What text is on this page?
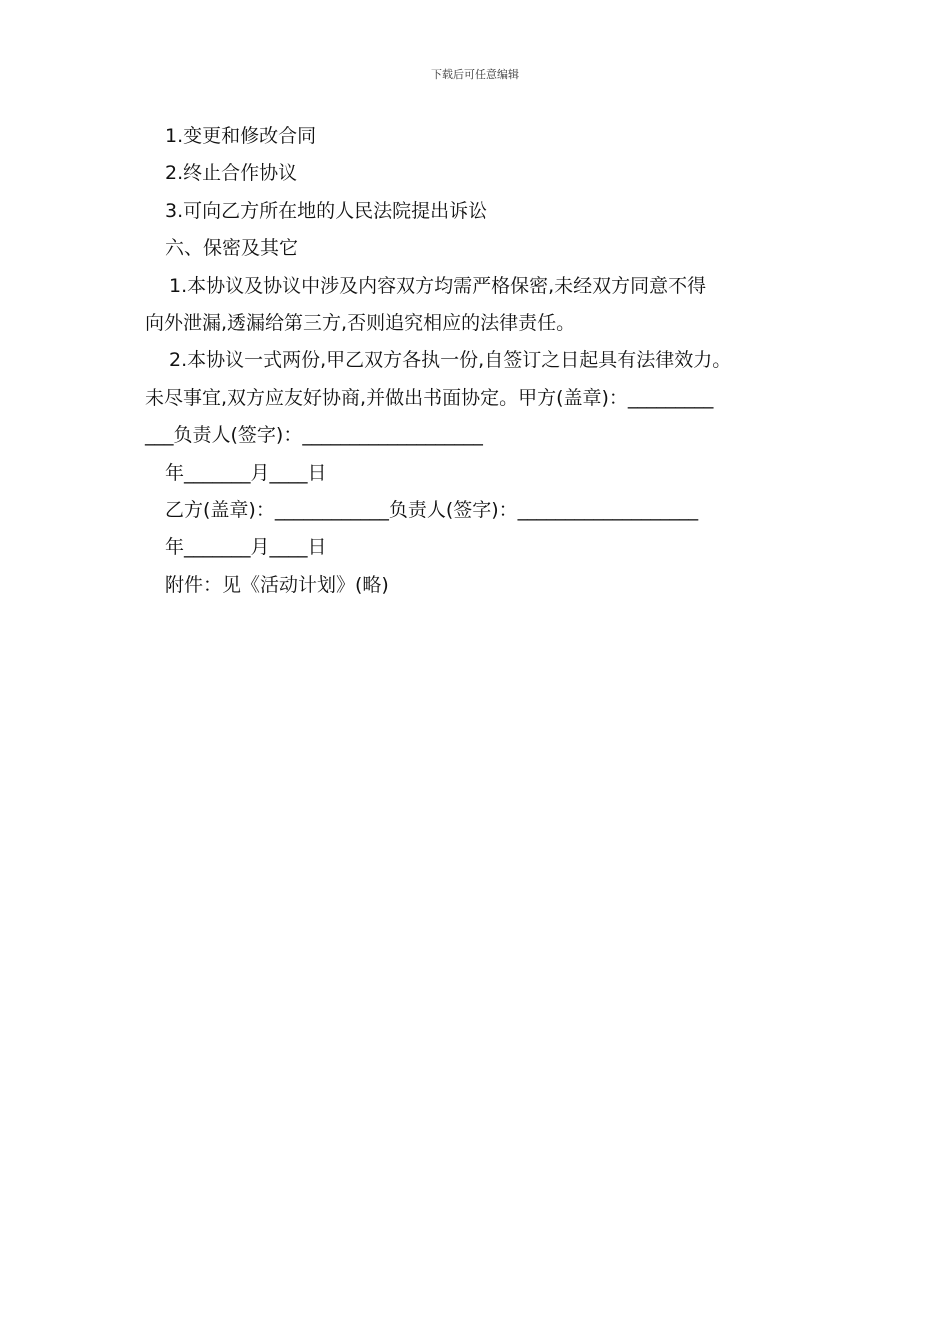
下载后可任意编辑
1.变更和修改合同
2.终止合作协议
3.可向乙方所在地的人民法院提出诉讼
六、保密及其它
1.本协议及协议中涉及内容双方均需严格保密,未经双方同意不得
向外泄漏,透漏给第三方,否则追究相应的法律责任。
2.本协议一式两份,甲乙双方各执一份,自签订之日起具有法律效力。
未尽事宜,双方应友好协商,并做出书面协定。甲方(盖章)：_________
___负责人(签字)：___________________
年_______月____日
乙方(盖章)：____________负责人(签字)：___________________
年_______月____日
附件：见《活动计划》(略)
